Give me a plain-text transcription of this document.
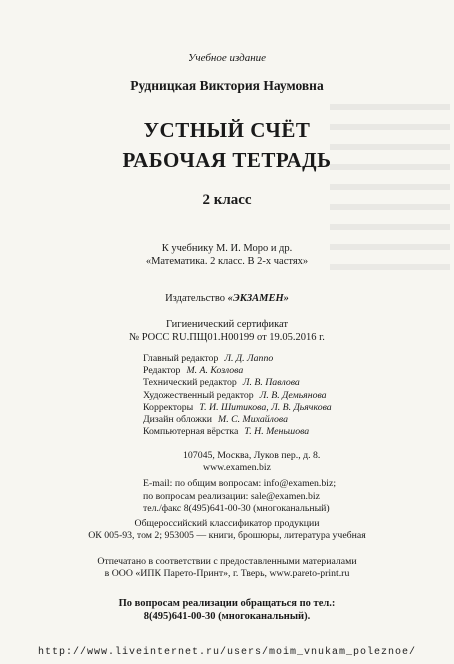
Учебное издание
Рудницкая Виктория Наумовна
УСТНЫЙ СЧЁТ
РАБОЧАЯ ТЕТРАДЬ
2 класс
К учебнику М. И. Моро и др.
«Математика. 2 класс. В 2-х частях»
Издательство «ЭКЗАМЕН»
Гигиенический сертификат
№ РОСС RU.ПЩ01.Н00199 от 19.05.2016 г.
Главный редактор Л. Д. Лаппо
Редактор М. А. Козлова
Технический редактор Л. В. Павлова
Художественный редактор Л. В. Демьянова
Корректоры Т. И. Шитикова, Л. В. Дьячкова
Дизайн обложки М. С. Михайлова
Компьютерная вёрстка Т. Н. Меньшова
107045, Москва, Луков пер., д. 8.
www.examen.biz
E-mail: по общим вопросам: info@examen.biz;
по вопросам реализации: sale@examen.biz
тел./факс 8(495)641-00-30 (многоканальный)
Общероссийский классификатор продукции
ОК 005-93, том 2; 953005 — книги, брошюры, литература учебная
Отпечатано в соответствии с предоставленными материалами
в ООО «ИПК Парето-Принт», г. Тверь, www.pareto-print.ru
По вопросам реализации обращаться по тел.:
8(495)641-00-30 (многоканальный).
http://www.liveinternet.ru/users/moim_vnukam_poleznoe/
